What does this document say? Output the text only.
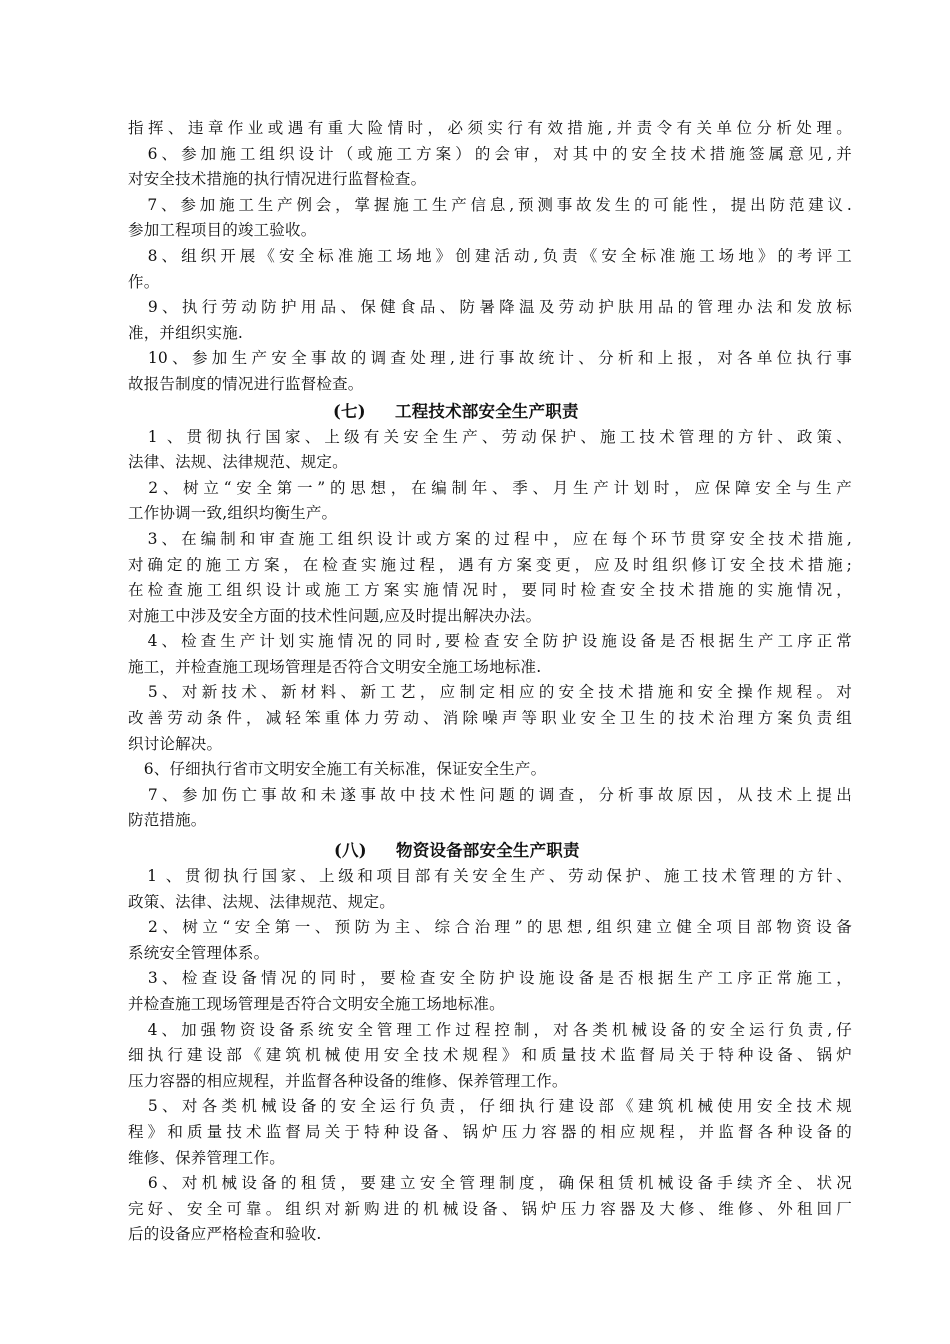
指挥、违章作业或遇有重大险情时，必须实行有效措施,并责令有关单位分析处理。
　6、参加施工组织设计（或施工方案）的会审，对其中的安全技术措施签属意见,并
对安全技术措施的执行情况进行监督检查。
　7、参加施工生产例会，掌握施工生产信息,预测事故发生的可能性，提出防范建议.
参加工程项目的竣工验收。
　8、组织开展《安全标准施工场地》创建活动,负责《安全标准施工场地》的考评工
作。
　9、执行劳动防护用品、保健食品、防暑降温及劳动护肤用品的管理办法和发放标
准，并组织实施.
　10、参加生产安全事故的调查处理,进行事故统计、分析和上报，对各单位执行事
故报告制度的情况进行监督检查。
(七) 工程技术部安全生产职责
　1 、贯彻执行国家、上级有关安全生产、劳动保护、施工技术管理的方针、政策、
法律、法规、法律规范、规定。
　2、树立“安全第一”的思想，在编制年、季、月生产计划时，应保障安全与生产
工作协调一致,组织均衡生产。
　3、在编制和审查施工组织设计或方案的过程中，应在每个环节贯穿安全技术措施,
对确定的施工方案，在检查实施过程，遇有方案变更，应及时组织修订安全技术措施;
在检查施工组织设计或施工方案实施情况时，要同时检查安全技术措施的实施情况，
对施工中涉及安全方面的技术性问题,应及时提出解决办法。
　4、检查生产计划实施情况的同时,要检查安全防护设施设备是否根据生产工序正常
施工，并检查施工现场管理是否符合文明安全施工场地标准.
　5、对新技术、新材料、新工艺，应制定相应的安全技术措施和安全操作规程。对
改善劳动条件，减轻笨重体力劳动、消除噪声等职业安全卫生的技术治理方案负责组
织讨论解决。
　6、仔细执行省市文明安全施工有关标准，保证安全生产。
　7、参加伤亡事故和未遂事故中技术性问题的调查，分析事故原因，从技术上提出
防范措施。
(八) 物资设备部安全生产职责
　1 、贯彻执行国家、上级和项目部有关安全生产、劳动保护、施工技术管理的方针、
政策、法律、法规、法律规范、规定。
　2、树立“安全第一、预防为主、综合治理”的思想,组织建立健全项目部物资设备
系统安全管理体系。
　3、检查设备情况的同时，要检查安全防护设施设备是否根据生产工序正常施工，
并检查施工现场管理是否符合文明安全施工场地标准。
　4、加强物资设备系统安全管理工作过程控制，对各类机械设备的安全运行负责,仔
细执行建设部《建筑机械使用安全技术规程》和质量技术监督局关于特种设备、锅炉
压力容器的相应规程，并监督各种设备的维修、保养管理工作。
　5、对各类机械设备的安全运行负责，仔细执行建设部《建筑机械使用安全技术规
程》和质量技术监督局关于特种设备、锅炉压力容器的相应规程，并监督各种设备的
维修、保养管理工作。
　6、对机械设备的租赁，要建立安全管理制度，确保租赁机械设备手续齐全、状况
完好、安全可靠。组织对新购进的机械设备、锅炉压力容器及大修、维修、外租回厂
后的设备应严格检查和验收.
